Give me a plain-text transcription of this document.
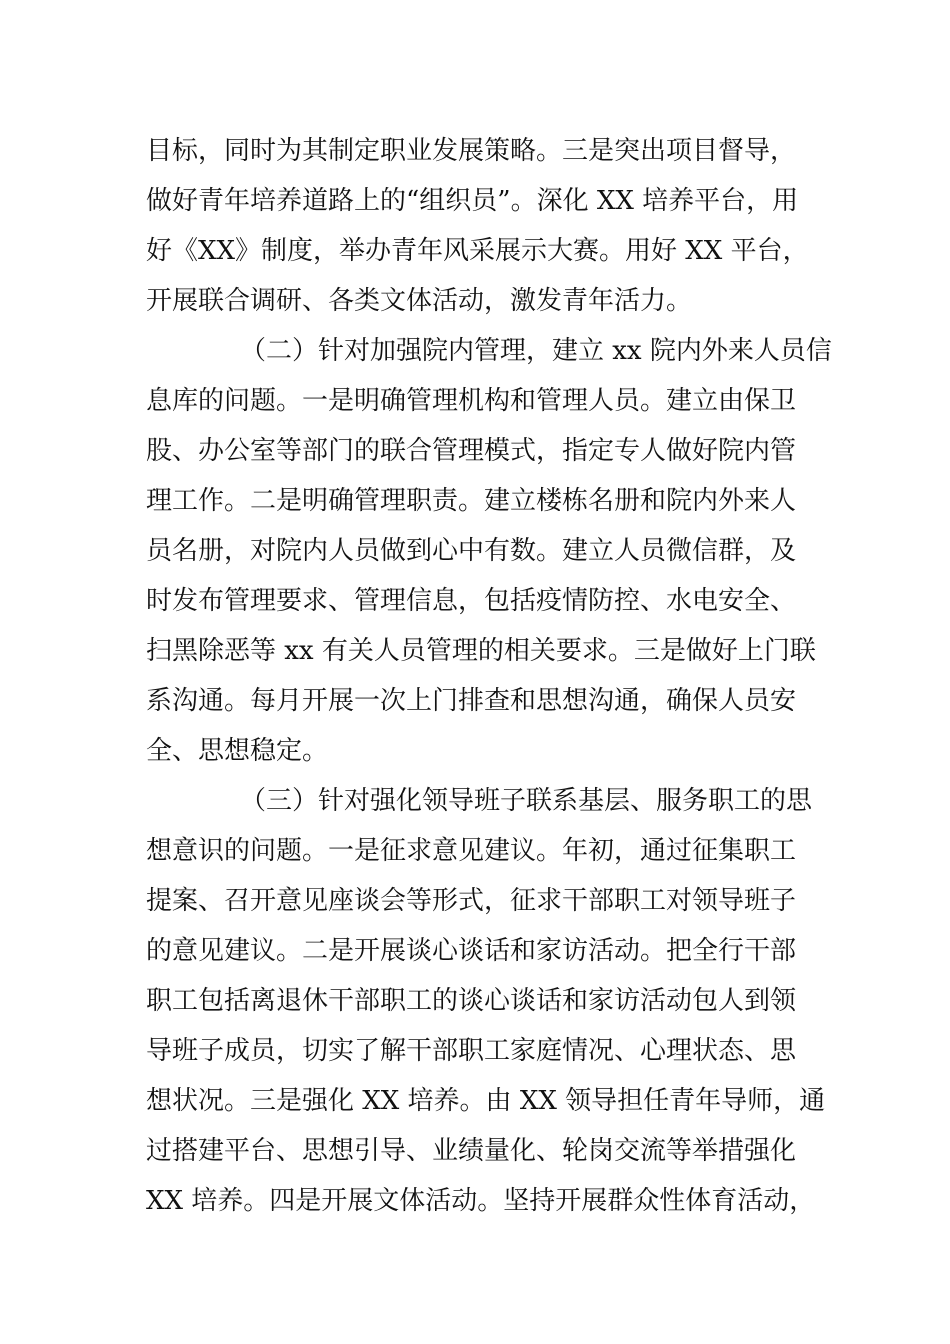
目标，同时为其制定职业发展策略。三是突出项目督导，
做好青年培养道路上的“组织员”。深化 XX 培养平台，用
好《XX》制度，举办青年风采展示大赛。用好 XX 平台，
开展联合调研、各类文体活动，激发青年活力。
（二）针对加强院内管理，建立 xx 院内外来人员信
息库的问题。一是明确管理机构和管理人员。建立由保卫
股、办公室等部门的联合管理模式，指定专人做好院内管
理工作。二是明确管理职责。建立楼栋名册和院内外来人
员名册，对院内人员做到心中有数。建立人员微信群，及
时发布管理要求、管理信息，包括疫情防控、水电安全、
扫黑除恶等 xx 有关人员管理的相关要求。三是做好上门联
系沟通。每月开展一次上门排查和思想沟通，确保人员安
全、思想稳定。
（三）针对强化领导班子联系基层、服务职工的思
想意识的问题。一是征求意见建议。年初，通过征集职工
提案、召开意见座谈会等形式，征求干部职工对领导班子
的意见建议。二是开展谈心谈话和家访活动。把全行干部
职工包括离退休干部职工的谈心谈话和家访活动包人到领
导班子成员，切实了解干部职工家庭情况、心理状态、思
想状况。三是强化 XX 培养。由 XX 领导担任青年导师，通
过搭建平台、思想引导、业绩量化、轮岗交流等举措强化
XX 培养。四是开展文体活动。坚持开展群众性体育活动，
